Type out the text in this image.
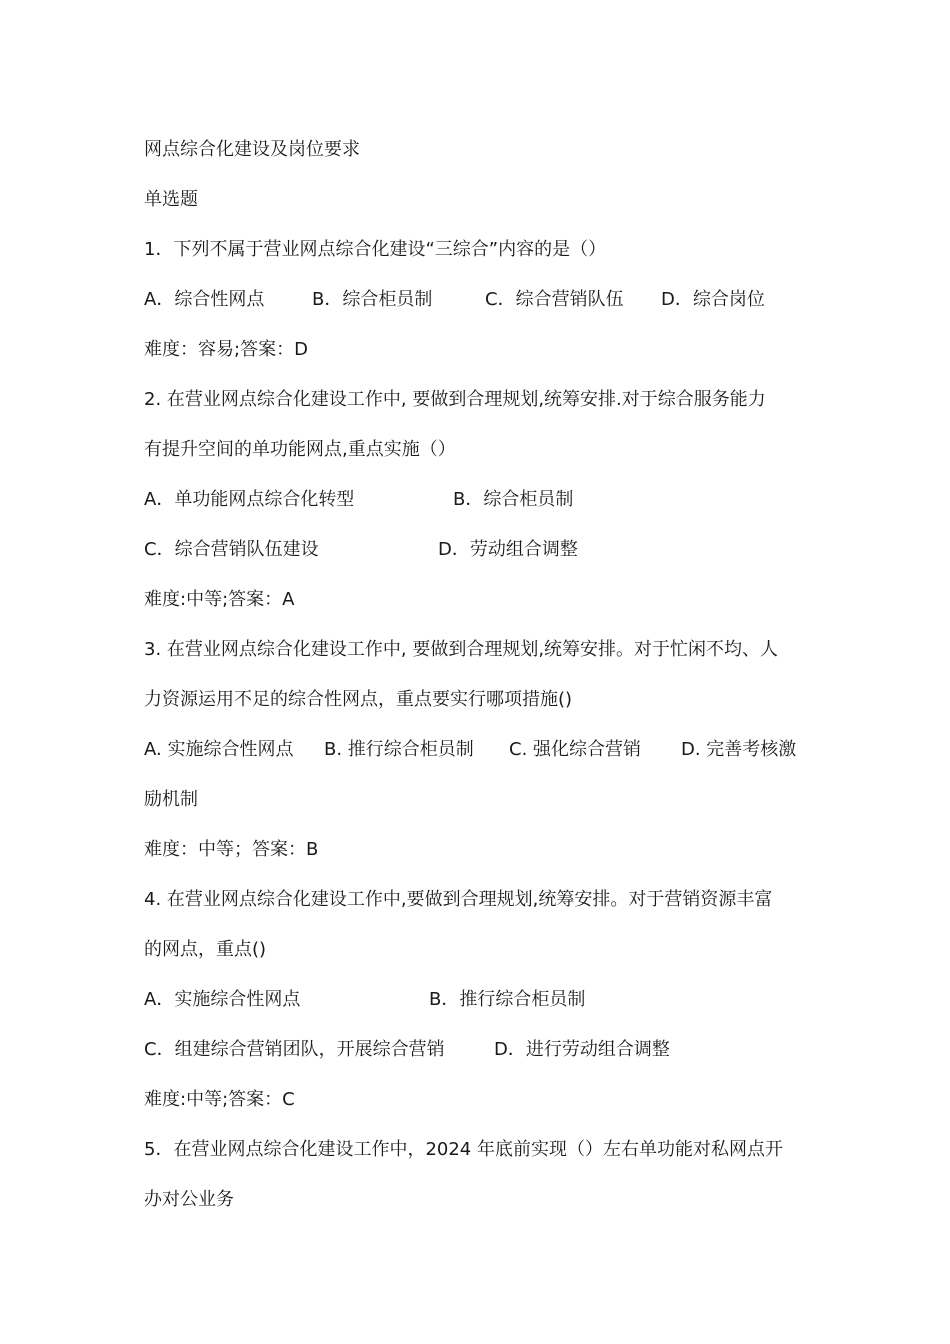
网点综合化建设及岗位要求
单选题
1．下列不属于营业网点综合化建设“三综合”内容的是（）
A．综合性网点	B．综合柜员制	C．综合营销队伍 D．综合岗位
难度：容易;答案：D
2. 在营业网点综合化建设工作中, 要做到合理规划,统筹安排.对于综合服务能力
有提升空间的单功能网点,重点实施（）
A．单功能网点综合化转型	B．综合柜员制
C．综合营销队伍建设	D．劳动组合调整
难度:中等;答案：A
3. 在营业网点综合化建设工作中, 要做到合理规划,统筹安排。对于忙闲不均、人
力资源运用不足的综合性网点，重点要实行哪项措施()
A. 实施综合性网点 B. 推行综合柜员制 C. 强化综合营销 D. 完善考核激
励机制
难度：中等；答案：B
4. 在营业网点综合化建设工作中,要做到合理规划,统筹安排。对于营销资源丰富
的网点，重点()
A．实施综合性网点	B．推行综合柜员制
C．组建综合营销团队，开展综合营销	D．进行劳动组合调整
难度:中等;答案：C
5．在营业网点综合化建设工作中，2024 年底前实现（）左右单功能对私网点开
办对公业务
